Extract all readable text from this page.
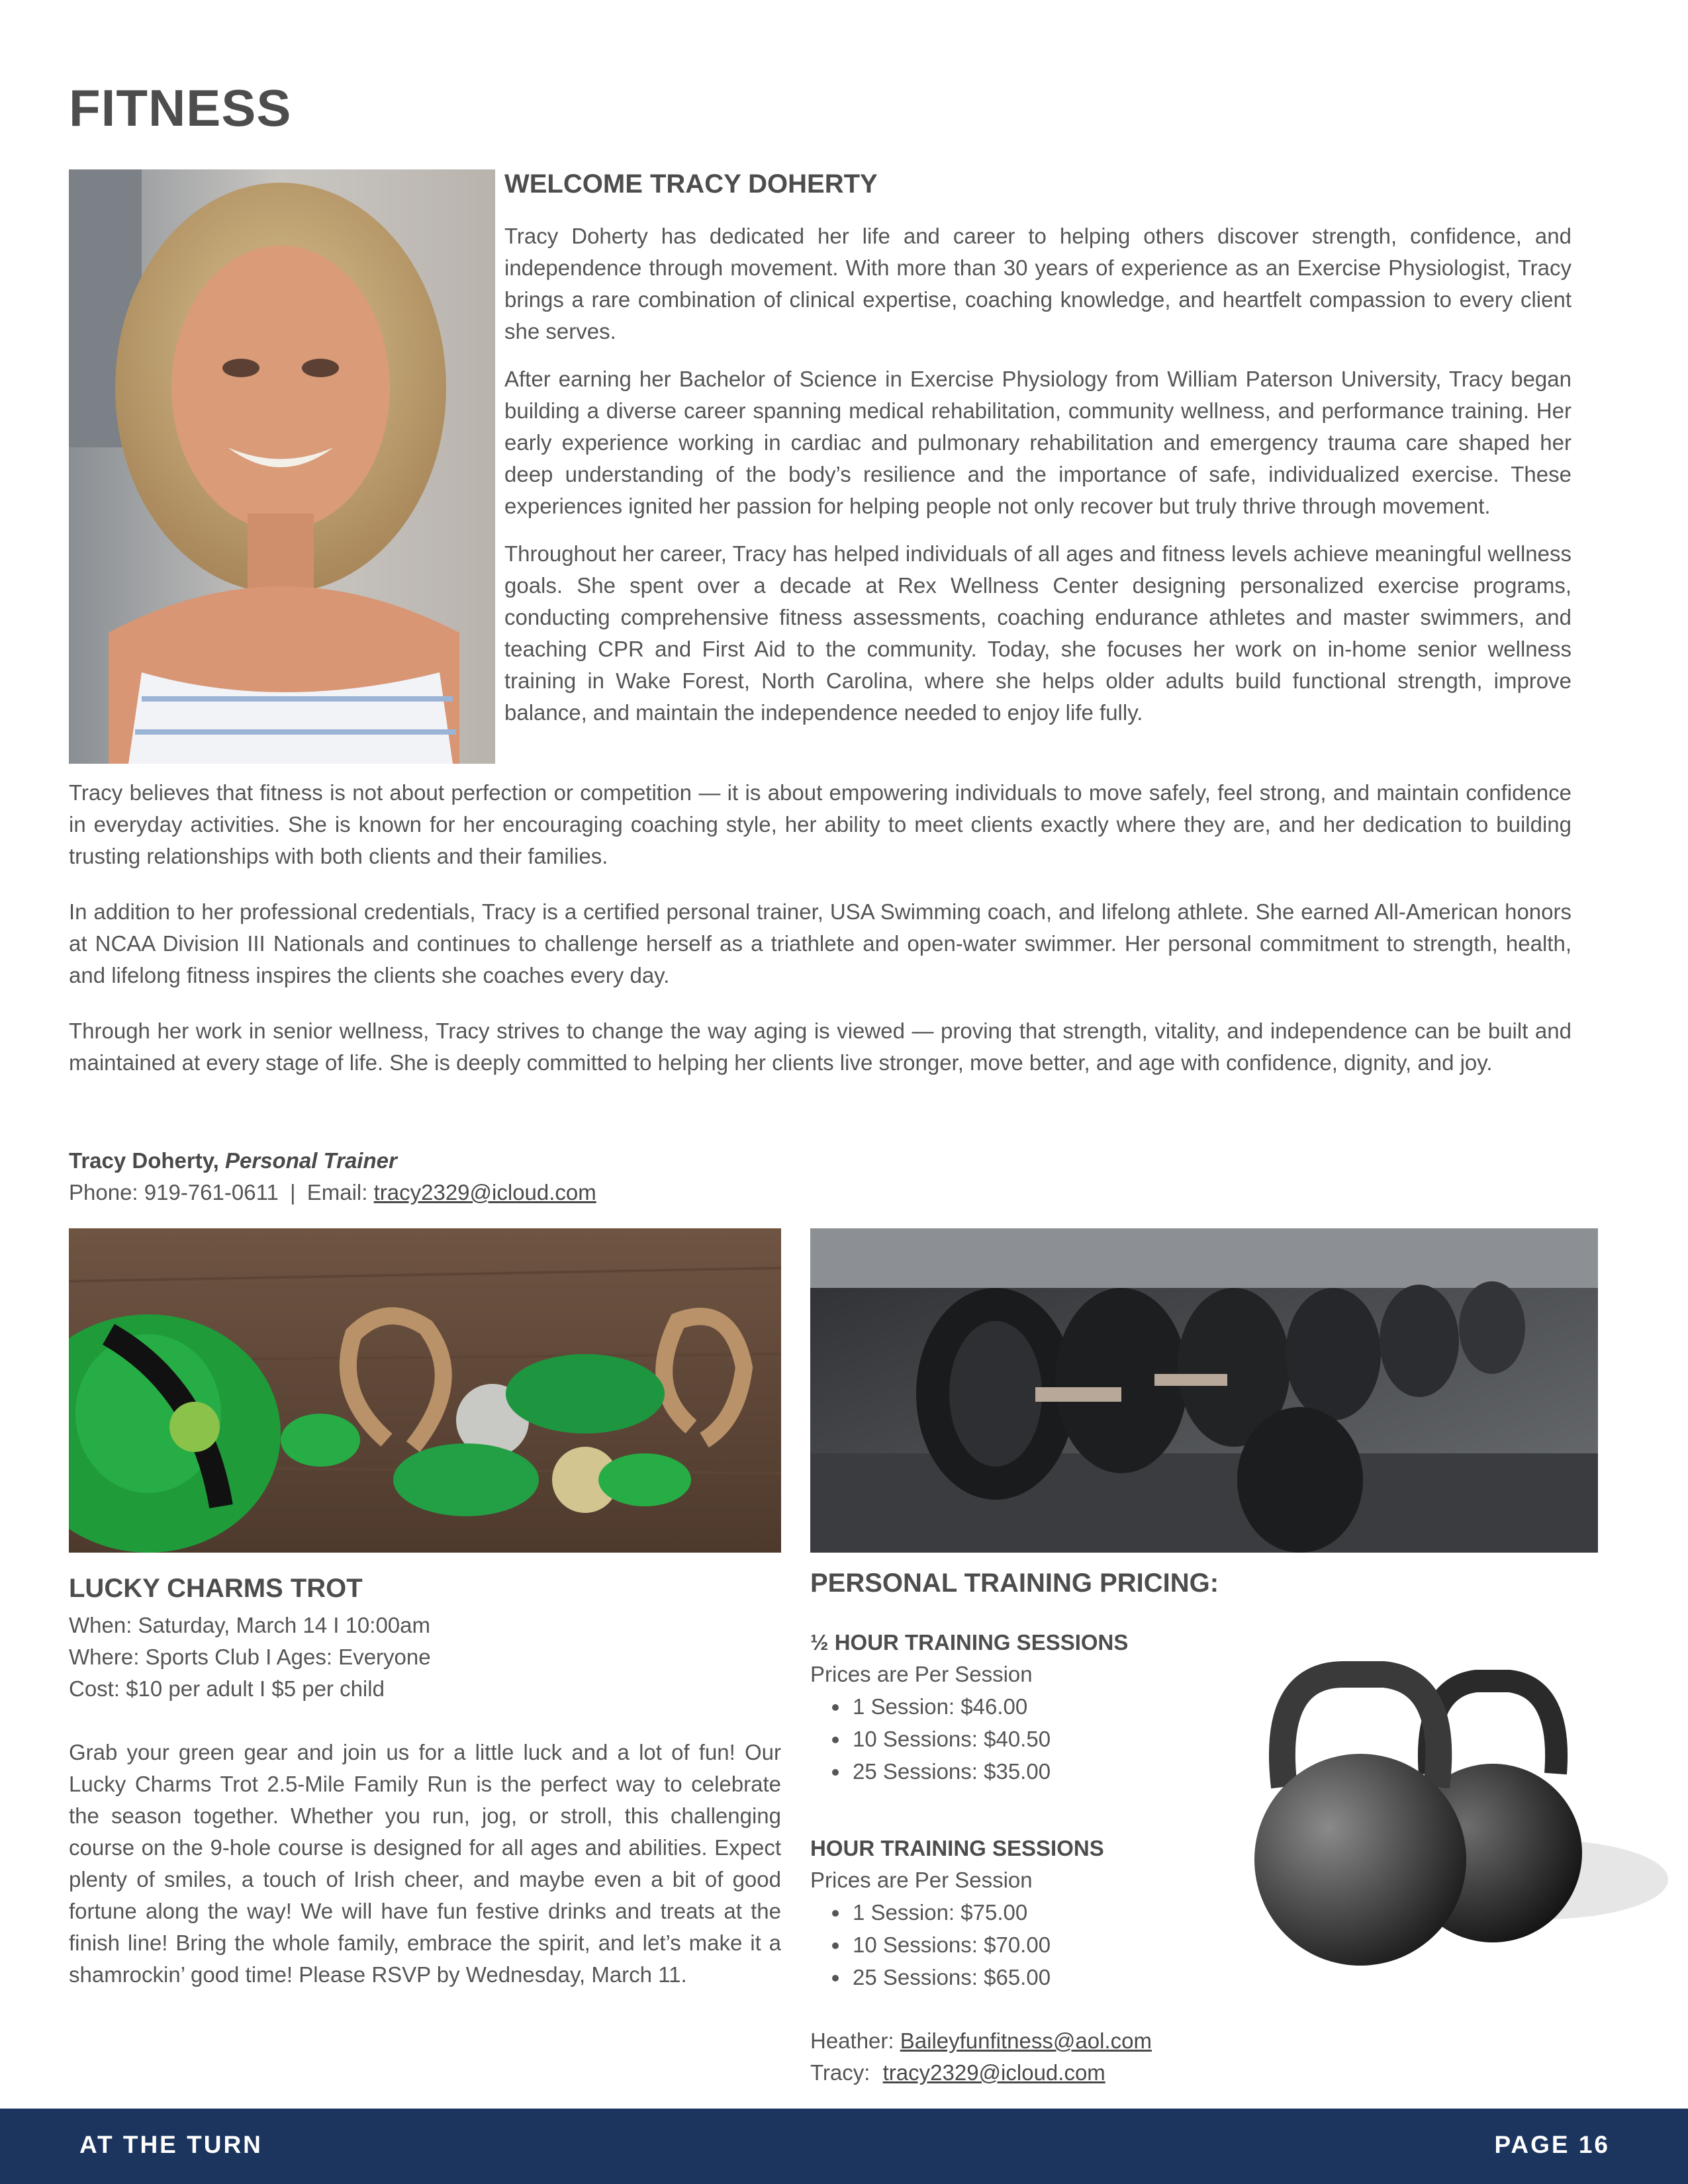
FITNESS
WELCOME TRACY DOHERTY

Tracy Doherty has dedicated her life and career to helping others discover strength, confidence, and independence through movement. With more than 30 years of experience as an Exercise Physiologist, Tracy brings a rare combination of clinical expertise, coaching knowledge, and heartfelt compassion to every client she serves.

After earning her Bachelor of Science in Exercise Physiology from William Paterson University, Tracy began building a diverse career spanning medical rehabilitation, community wellness, and performance training. Her early experience working in cardiac and pulmonary rehabilitation and emergency trauma care shaped her deep understanding of the body’s resilience and the importance of safe, individualized exercise. These experiences ignited her passion for helping people not only recover but truly thrive through movement.

Throughout her career, Tracy has helped individuals of all ages and fitness levels achieve meaningful wellness goals. She spent over a decade at Rex Wellness Center designing personalized exercise programs, conducting comprehensive fitness assessments, coaching endurance athletes and master swimmers, and teaching CPR and First Aid to the community. Today, she focuses her work on in-home senior wellness training in Wake Forest, North Carolina, where she helps older adults build functional strength, improve balance, and maintain the independence needed to enjoy life fully.

Tracy believes that fitness is not about perfection or competition — it is about empowering individuals to move safely, feel strong, and maintain confidence in everyday activities. She is known for her encouraging coaching style, her ability to meet clients exactly where they are, and her dedication to building trusting relationships with both clients and their families.

In addition to her professional credentials, Tracy is a certified personal trainer, USA Swimming coach, and lifelong athlete. She earned All-American honors at NCAA Division III Nationals and continues to challenge herself as a triathlete and open-water swimmer. Her personal commitment to strength, health, and lifelong fitness inspires the clients she coaches every day.

Through her work in senior wellness, Tracy strives to change the way aging is viewed — proving that strength, vitality, and independence can be built and maintained at every stage of life. She is deeply committed to helping her clients live stronger, move better, and age with confidence, dignity, and joy.

Tracy Doherty, Personal Trainer
Phone: 919-761-0611 | Email: tracy2329@icloud.com
LUCKY CHARMS TROT

When: Saturday, March 14 I 10:00am

Where: Sports Club I Ages: Everyone

Cost: $10 per adult I $5 per child

Grab your green gear and join us for a little luck and a lot of fun! Our Lucky Charms Trot 2.5-Mile Family Run is the perfect way to celebrate the season together. Whether you run, jog, or stroll, this challenging course on the 9-hole course is designed for all ages and abilities. Expect plenty of smiles, a touch of Irish cheer, and maybe even a bit of good fortune along the way! We will have fun festive drinks and treats at the finish line! Bring the whole family, embrace the spirit, and let’s make it a shamrockin’ good time! Please RSVP by Wednesday, March 11.

PERSONAL TRAINING PRICING:

½ HOUR TRAINING SESSIONS

Prices are Per Session

• 1 Session: $46.00
• 10 Sessions: $40.50
• 25 Sessions: $35.00

HOUR TRAINING SESSIONS

Prices are Per Session

• 1 Session: $75.00
• 10 Sessions: $70.00
• 25 Sessions: $65.00
Heather: Baileyfunfitness@aol.com
Tracy: tracy2329@icloud.com
AT THE TURN	PAGE 16
